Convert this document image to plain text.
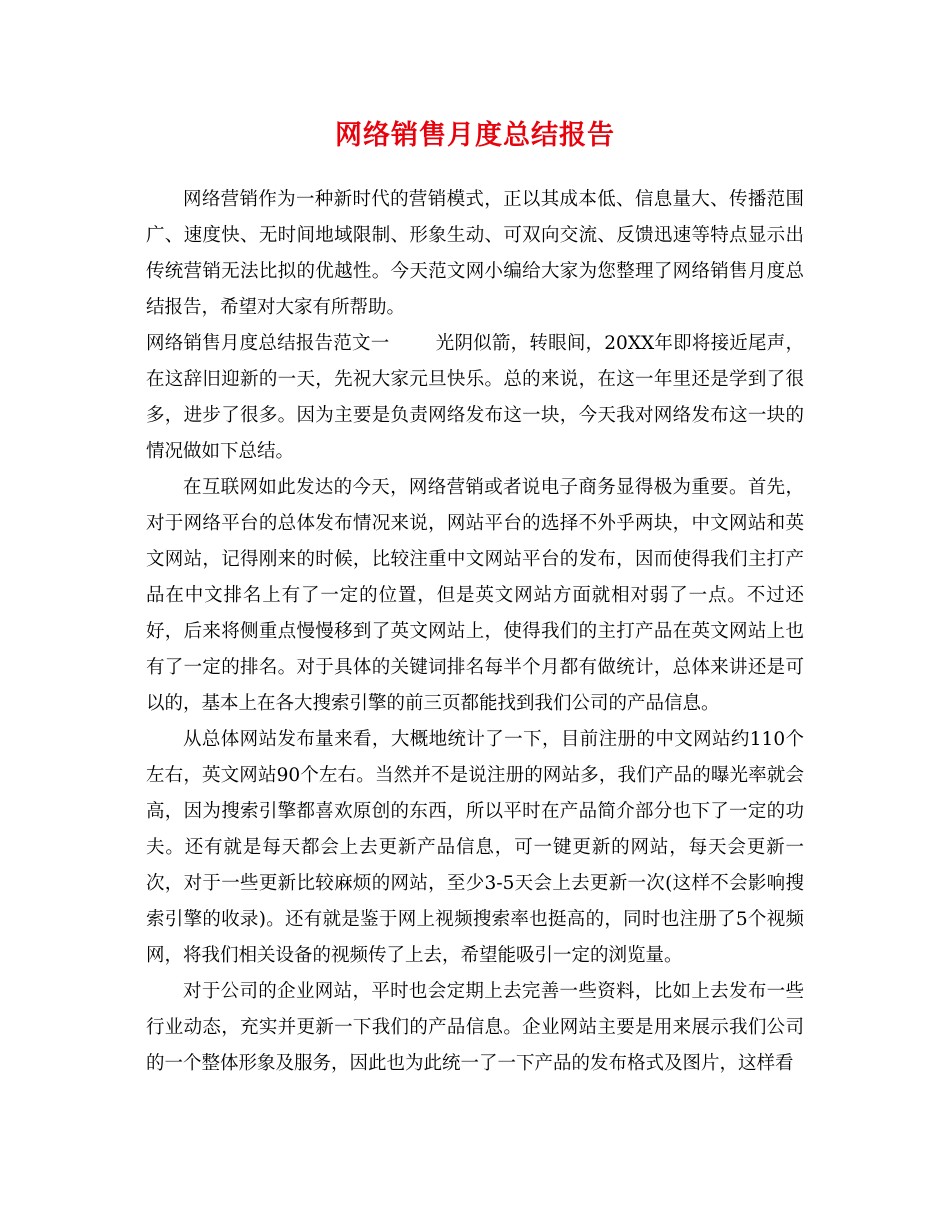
网络销售月度总结报告

网络营销作为一种新时代的营销模式，正以其成本低、信息量大、传播范围广、速度快、无时间地域限制、形象生动、可双向交流、反馈迅速等特点显示出传统营销无法比拟的优越性。今天范文网小编给大家为您整理了网络销售月度总结报告，希望对大家有所帮助。

网络销售月度总结报告范文一 光阴似箭，转眼间，20XX年即将接近尾声，在这辞旧迎新的一天，先祝大家元旦快乐。总的来说，在这一年里还是学到了很多，进步了很多。因为主要是负责网络发布这一块，今天我对网络发布这一块的情况做如下总结。

在互联网如此发达的今天，网络营销或者说电子商务显得极为重要。首先，对于网络平台的总体发布情况来说，网站平台的选择不外乎两块，中文网站和英文网站，记得刚来的时候，比较注重中文网站平台的发布，因而使得我们主打产品在中文排名上有了一定的位置，但是英文网站方面就相对弱了一点。不过还好，后来将侧重点慢慢移到了英文网站上，使得我们的主打产品在英文网站上也有了一定的排名。对于具体的关键词排名每半个月都有做统计，总体来讲还是可以的，基本上在各大搜索引擎的前三页都能找到我们公司的产品信息。

从总体网站发布量来看，大概地统计了一下，目前注册的中文网站约110个左右，英文网站90个左右。当然并不是说注册的网站多，我们产品的曝光率就会高，因为搜索引擎都喜欢原创的东西，所以平时在产品简介部分也下了一定的功夫。还有就是每天都会上去更新产品信息，可一键更新的网站，每天会更新一次，对于一些更新比较麻烦的网站，至少3-5天会上去更新一次(这样不会影响搜索引擎的收录)。还有就是鉴于网上视频搜索率也挺高的，同时也注册了5个视频网，将我们相关设备的视频传了上去，希望能吸引一定的浏览量。

对于公司的企业网站，平时也会定期上去完善一些资料，比如上去发布一些行业动态，充实并更新一下我们的产品信息。企业网站主要是用来展示我们公司的一个整体形象及服务，因此也为此统一了一下产品的发布格式及图片，这样看
